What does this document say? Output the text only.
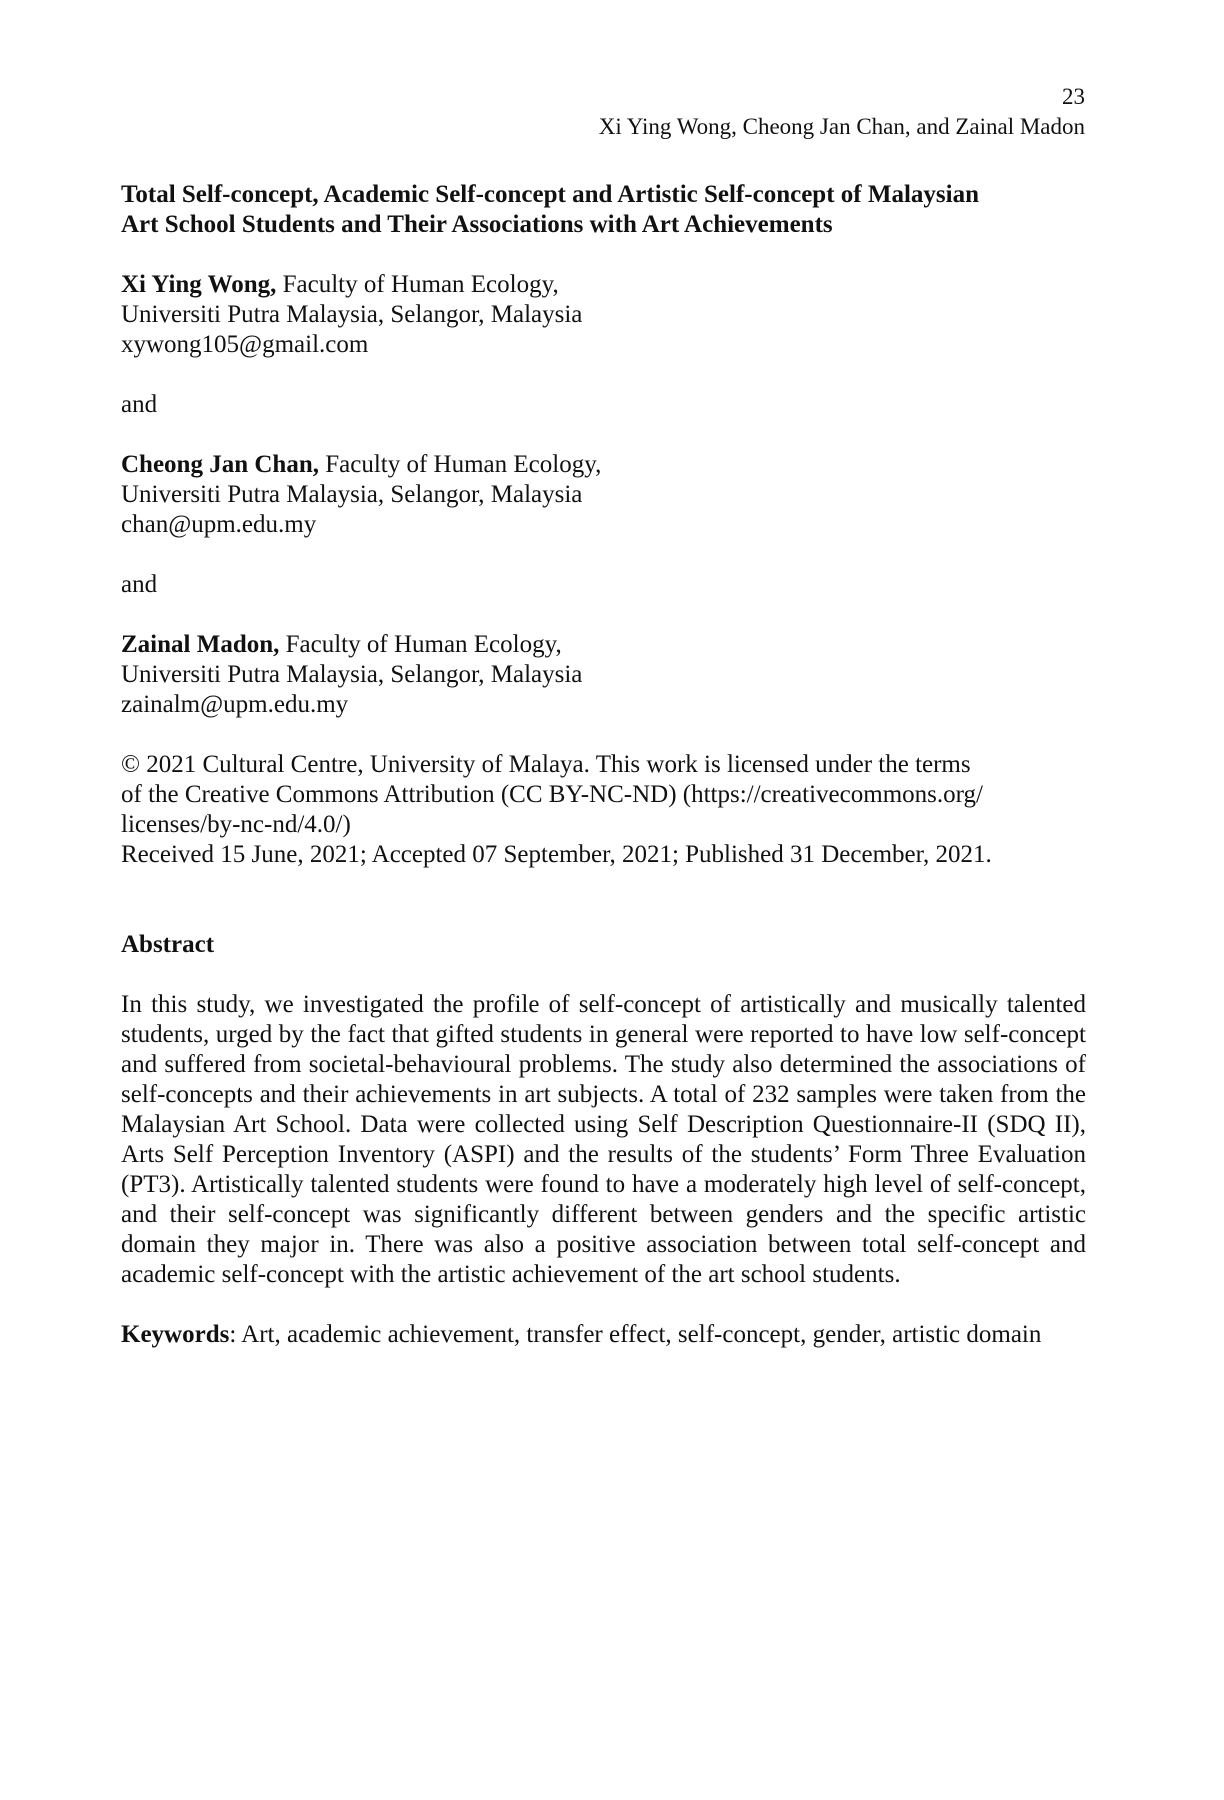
23
Xi Ying Wong, Cheong Jan Chan, and Zainal Madon
Total Self-concept, Academic Self-concept and Artistic Self-concept of Malaysian
Art School Students and Their Associations with Art Achievements

Xi Ying Wong, Faculty of Human Ecology,

Universiti Putra Malaysia, Selangor, Malaysia

xywong105@gmail.com

and

Cheong Jan Chan, Faculty of Human Ecology,

Universiti Putra Malaysia, Selangor, Malaysia

chan@upm.edu.my

and

Zainal Madon, Faculty of Human Ecology,

Universiti Putra Malaysia, Selangor, Malaysia

zainalm@upm.edu.my

© 2021 Cultural Centre, University of Malaya. This work is licensed under the terms

of the Creative Commons Attribution (CC BY-NC-ND) (https://creativecommons.org/

licenses/by-nc-nd/4.0/)

Received 15 June, 2021; Accepted 07 September, 2021; Published 31 December, 2021.

Abstract

In this study, we investigated the profile of self-concept of artistically and musically talented students, urged by the fact that gifted students in general were reported to have low self-concept and suffered from societal-behavioural problems. The study also determined the associations of self-concepts and their achievements in art subjects. A total of 232 samples were taken from the Malaysian Art School. Data were collected using Self Description Questionnaire-II (SDQ II), Arts Self Perception Inventory (ASPI) and the results of the students’ Form Three Evaluation (PT3). Artistically talented students were found to have a moderately high level of self-concept, and their self-concept was significantly different between genders and the specific artistic domain they major in. There was also a positive association between total self-concept and academic self-concept with the artistic achievement of the art school students.

Keywords: Art, academic achievement, transfer effect, self-concept, gender, artistic domain
